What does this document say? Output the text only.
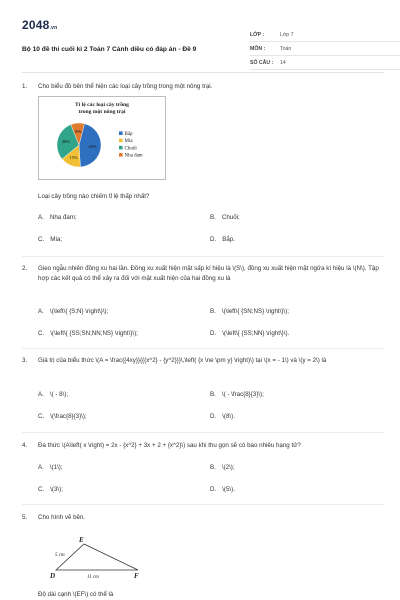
2048.vn
Bộ 10 đề thi cuối kì 2 Toán 7 Cánh diều có đáp án - Đề 9
LỚP :	Lớp 7
MÔN :	Toán
SỐ CÂU :	14
1.	Cho biểu đồ bên thể hiện các loại cây trồng trong một nông trại.
Tỉ lệ các loại cây trồng
trong một nông trại
45%
15%
30%
10%
Bắp
Mía
Chuối
Nha đam
Loại cây trồng nào chiếm tỉ lệ thấp nhất?
A. Nha đam;	B. Chuối;
C. Mía;	D. Bắp.
2.	Gieo ngẫu nhiên đồng xu hai lần. Đồng xu xuất hiện mặt sấp kí hiệu là \(S\), đồng xu xuất hiện mặt ngửa kí hiệu là \(N\). Tập hợp các kết quả có thể xảy ra đối với mặt xuất hiện của hai đồng xu là
A. \(\left\{ {S;N} \right\}\);	B. \(\left\{ {SN;NS} \right\}\);
C. \(\left\{ {SS;SN;NN;NS} \right\}\);	D. \(\left\{ {SS;NN} \right\}\).
3.	Giá trị của biểu thức \(A = \frac{{4xy}}{{{x^2} - {y^2}}}\,\left( {x \ne \pm y} \right)\) tại \(x = - 1\) và \(y = 2\) là
A. \( - 8\);	B. \( - \frac{8}{3}\);
C. \(\frac{8}{3}\);	D. \(8\).
4.	Đa thức \(A\left( x \right) = 2x - {x^2} + 3x + 2 + {x^2}\) sau khi thu gọn sẽ có bao nhiêu hạng tử?
A. \(1\);	B. \(2\);
C. \(3\);	D. \(5\).
5.	Cho hình vẽ bên.
E
D	F
5 cm
11 cm
Độ dài cạnh \(EF\) có thể là
